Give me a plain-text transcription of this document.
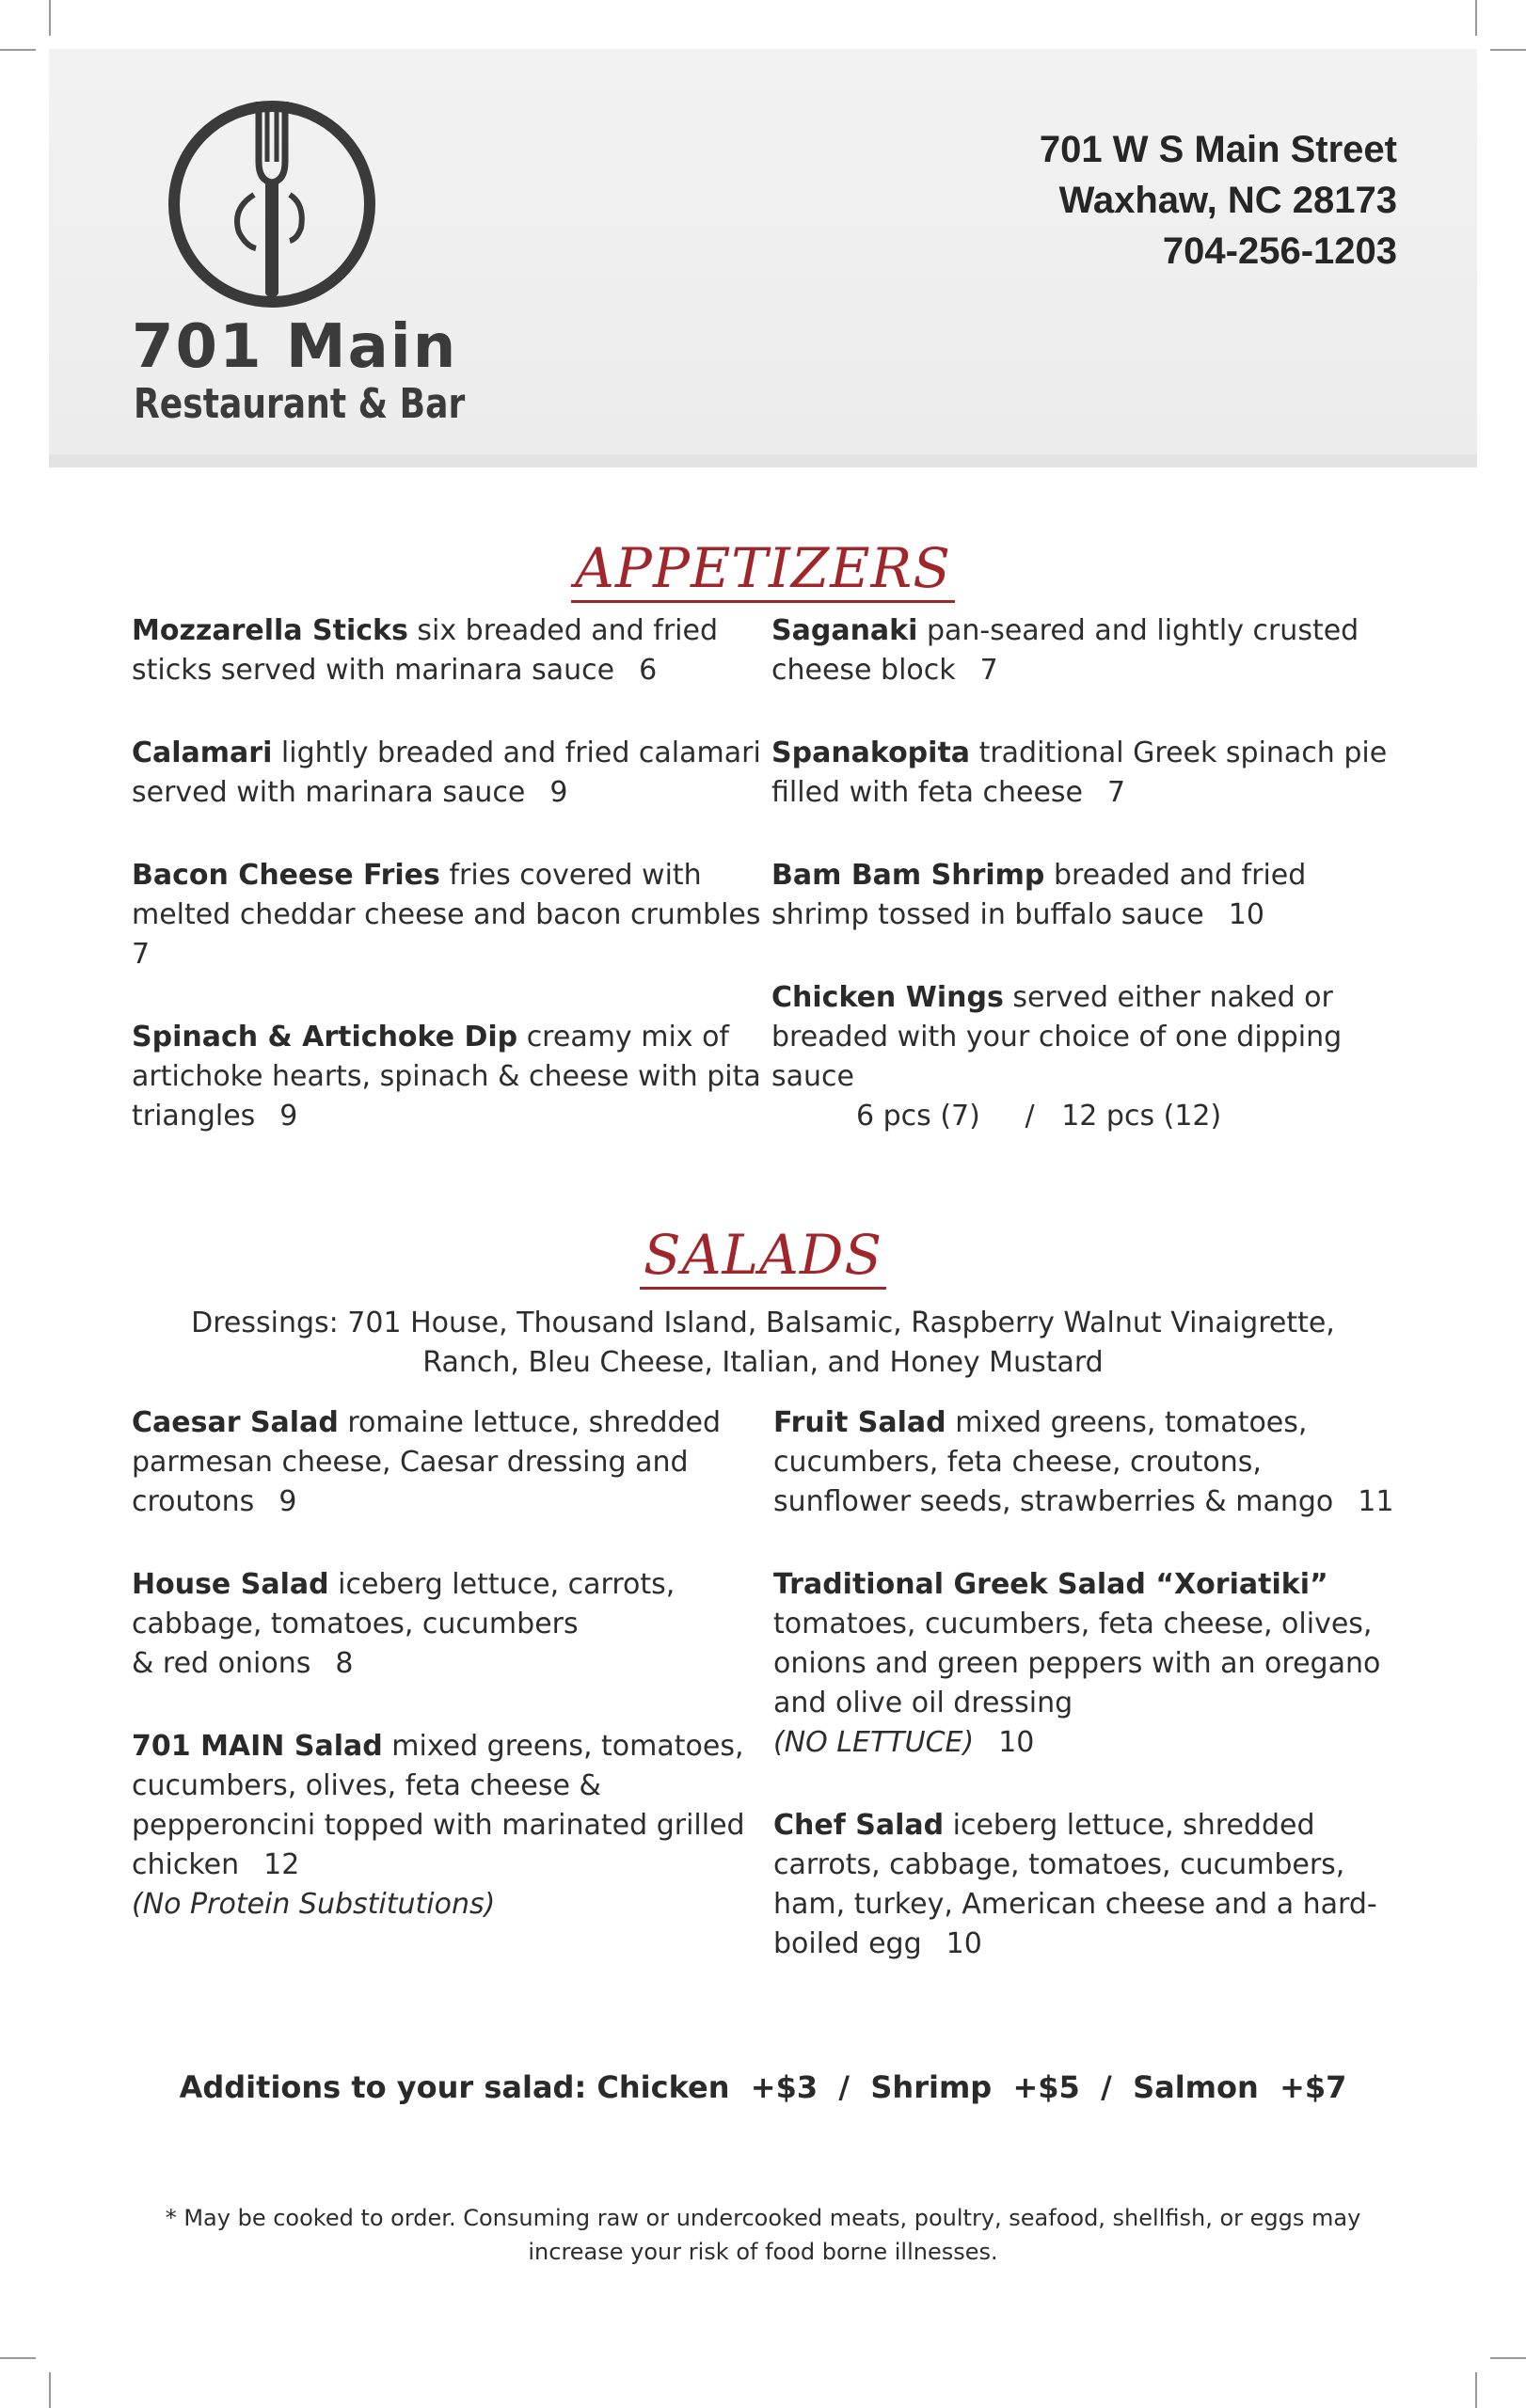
701 Main
Restaurant & Bar
701 W S Main Street
Waxhaw, NC 28173
704-256-1203
APPETIZERS
Mozzarella Sticks six breaded and fried sticks served with marinara sauce 6
Calamari lightly breaded and fried calamari served with marinara sauce 9
Bacon Cheese Fries fries covered with melted cheddar cheese and bacon crumbles
7
Spinach & Artichoke Dip creamy mix of artichoke hearts, spinach & cheese with pita triangles 9
Saganaki pan-seared and lightly crusted cheese block 7
Spanakopita traditional Greek spinach pie filled with feta cheese 7
Bam Bam Shrimp breaded and fried shrimp tossed in buffalo sauce 10
Chicken Wings served either naked or breaded with your choice of one dipping sauce
6 pcs (7)     /   12 pcs (12)
SALADS
Dressings: 701 House, Thousand Island, Balsamic, Raspberry Walnut Vinaigrette,
Ranch, Bleu Cheese, Italian, and Honey Mustard
Caesar Salad romaine lettuce, shredded parmesan cheese, Caesar dressing and croutons 9
House Salad iceberg lettuce, carrots, cabbage, tomatoes, cucumbers
& red onions 8
701 MAIN Salad mixed greens, tomatoes, cucumbers, olives, feta cheese & pepperoncini topped with marinated grilled chicken 12
(No Protein Substitutions)
Fruit Salad mixed greens, tomatoes, cucumbers, feta cheese, croutons, sunflower seeds, strawberries & mango 11
Traditional Greek Salad “Xoriatiki”
tomatoes, cucumbers, feta cheese, olives, onions and green peppers with an oregano and olive oil dressing
(NO LETTUCE) 10
Chef Salad iceberg lettuce, shredded carrots, cabbage, tomatoes, cucumbers, ham, turkey, American cheese and a hard-boiled egg 10
Additions to your salad: Chicken  +$3  /  Shrimp  +$5  /  Salmon  +$7
* May be cooked to order. Consuming raw or undercooked meats, poultry, seafood, shellfish, or eggs may
increase your risk of food borne illnesses.
